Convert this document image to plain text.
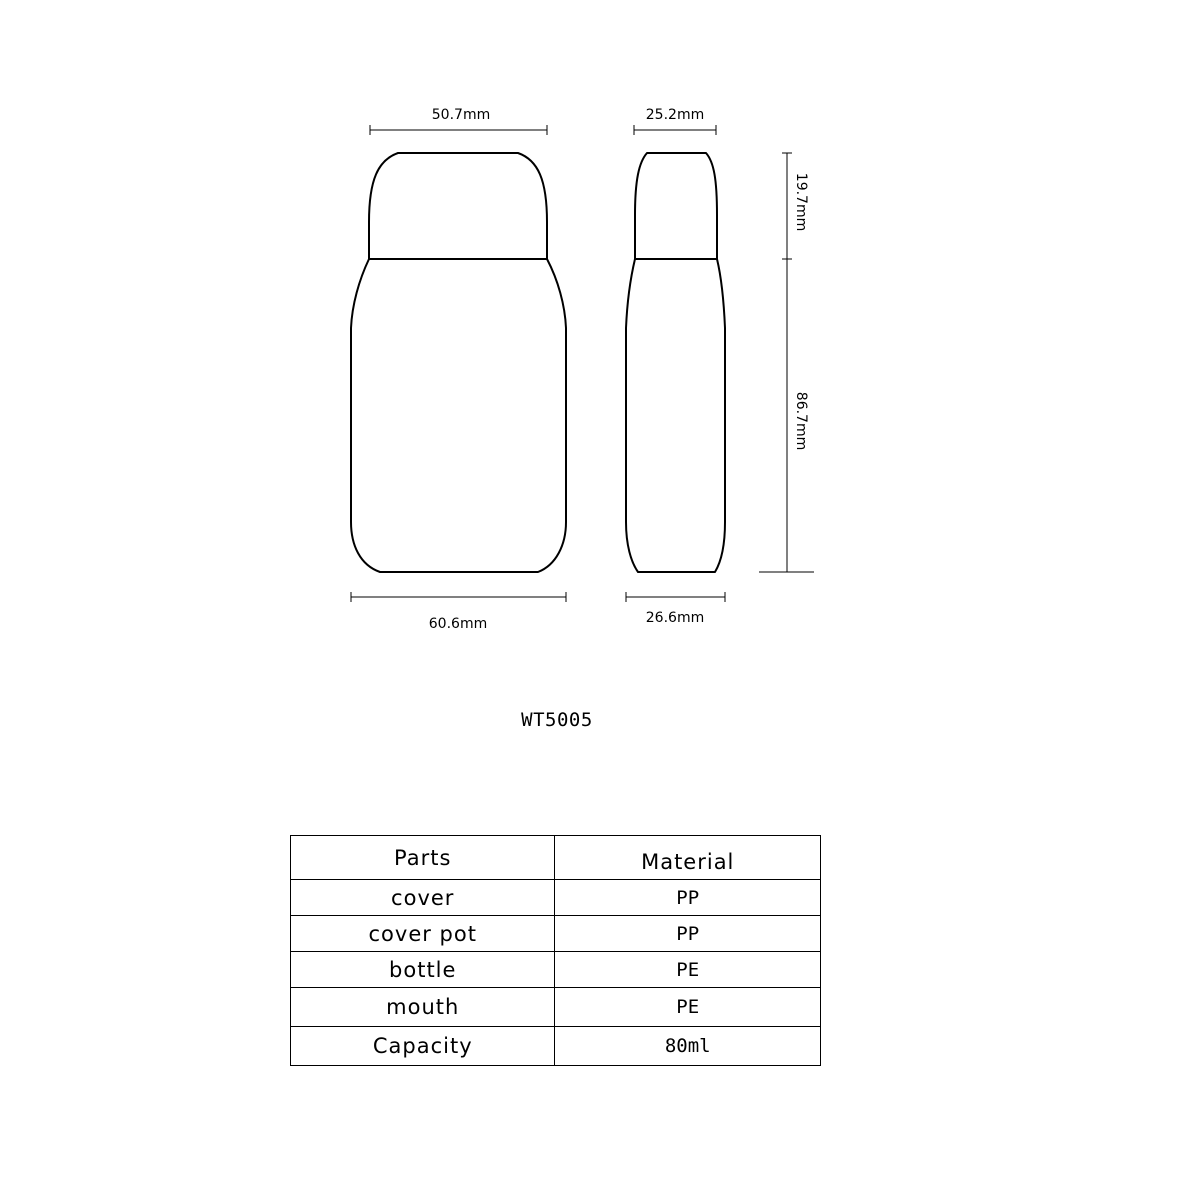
50.7mm	25.2mm
60.6mm	26.6mm
19.7mm
86.7mm
WT5005
Parts	Material
cover	PP
cover pot	PP
bottle	PE
mouth	PE
Capacity	80ml
